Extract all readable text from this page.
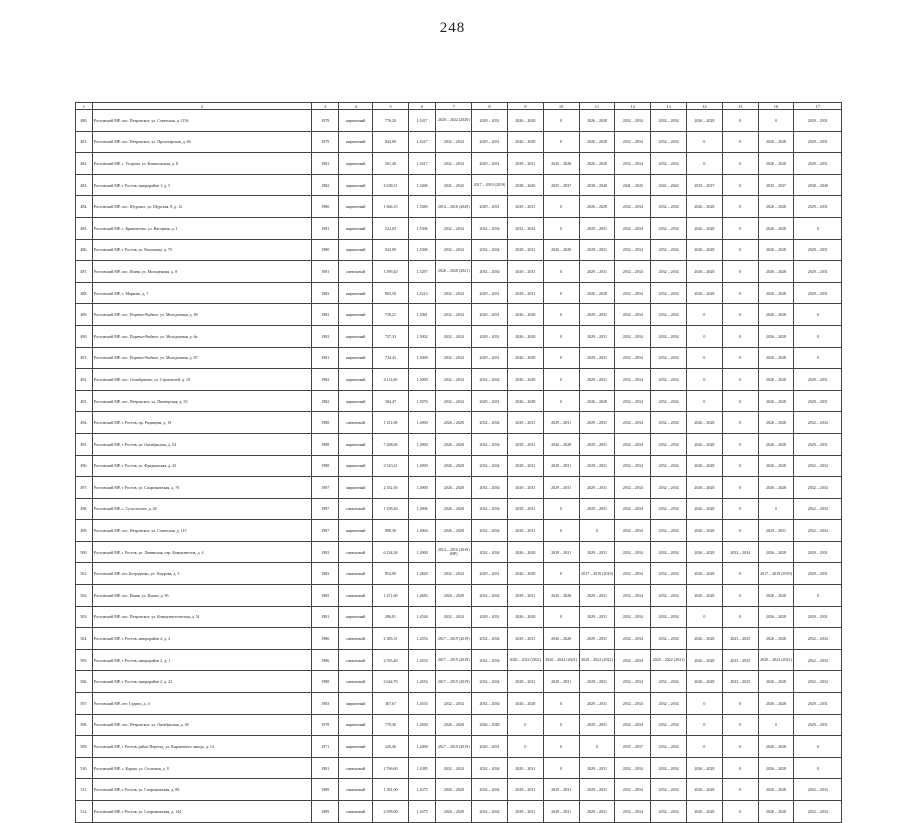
248
1	2	3	4	5	6	7	8	9	10	11	12	13	14	15	16	17
480.	Ростовский МР, пос. Петровское, ул. Советская, д. 115б	1979	кирпичный	776,20	1,5417	2020 – 2022 (2020)	2029 – 2031	2026 – 2028	0	2026 – 2028	2032 – 2034	2032 – 2034	2026 – 2028	0	0	2029 – 2031
481.	Ростовский МР, пос. Петровское, ул. Пролетарская, д. 60	1979	кирпичный	843,00	1,5417	2032 – 2034	2029 – 2031	2026 – 2028	0	2026 – 2028	2032 – 2034	2032 – 2034	0	0	2026 – 2028	2029 – 2031
482.	Ростовский МР, с. Угодичи, ул. Кошкальская, д. 8	1981	кирпичный	561,40	1,5417	2032 – 2034	2029 – 2031	2029 – 2031	2026 – 2028	2026 – 2028	2032 – 2034	2032 – 2034	0	0	2026 – 2028	2029 – 2031
483.	Ростовский МР, г. Ростов, микрорайон 1, д. 5	1982	кирпичный	4 638,51	1,5406	2041 – 2043	2017 – 2019 (2019)	2038 – 2040	2035 – 2037	2038 – 2040	2041 – 2043	2041 – 2043	2035 – 2037	0	2035 – 2037	2038 – 2040
484.	Ростовский МР, пос. Шурскол, ул. Шурская Л, д. 12	1980	кирпичный	1 666,10	1,5369	2014 – 2016 (2020)	2029 – 2031	2029 – 2031	0	2026 – 2028	2032 – 2034	2032 – 2034	2026 – 2028	0	2026 – 2028	2029 – 2031
485.	Ростовский МР, с. Кривонтово, ул. Нагорная, д. 1	1981	кирпичный	522,03	1,5306	2032 – 2034	2032 – 2034	2032 – 2034	0	2029 – 2031	2032 – 2034	2032 – 2034	2026 – 2028	0	2026 – 2028	0
486.	Ростовский МР, г. Ростов, ул. Васильева, д. 7б	1980	кирпичный	943,00	1,5306	2032 – 2034	2032 – 2034	2029 – 2031	2026 – 2028	2029 – 2031	2032 – 2034	2032 – 2034	2026 – 2028	0	2026 – 2028	2029 – 2031
487.	Ростовский МР, пос. Ишня, ул. Молодежная, д. 8	1981	панельный	3 399,20	1,5297	2026 – 2028 (2021)	2032 – 2034	2029 – 2031	0	2029 – 2031	2032 – 2034	2032 – 2034	2026 – 2028	0	2026 – 2028	2029 – 2031
488.	Ростовский МР, с. Марково, д. 7	1983	кирпичный	903,50	1,5213	2032 – 2034	2029 – 2031	2029 – 2031	0	2026 – 2028	2032 – 2034	2032 – 2034	2026 – 2028	0	2026 – 2028	2029 – 2031
489.	Ростовский МР, пос. Поречье-Рыбное, ул. Молодежная, д. 8б	1982	кирпичный	739,21	1,5061	2032 – 2034	2029 – 2031	2026 – 2028	0	2029 – 2031	2032 – 2034	2032 – 2034	0	0	2026 – 2028	0
490.	Ростовский МР, пос. Поречье-Рыбное, ул. Молодежная, д. 6а	1982	кирпичный	737,33	1,5002	2032 – 2034	2029 – 2031	2026 – 2028	0	2029 – 2031	2032 – 2034	2032 – 2034	0	0	2026 – 2028	0
491.	Ростовский МР, пос. Поречье-Рыбное, ул. Молодежная, д. 87	1981	кирпичный	734,41	1,5000	2032 – 2034	2029 – 2031	2026 – 2028	0	2029 – 2031	2032 – 2034	2032 – 2034	0	0	2026 – 2028	0
492.	Ростовский МР, пос. Семибратово, ул. Строителей, д. 19	1982	кирпичный	4 112,60	1,5000	2032 – 2034	2032 – 2034	2026 – 2028	0	2029 – 2031	2032 – 2034	2032 – 2034	0	0	2026 – 2028	2029 – 2031
493.	Ростовский МР, пос. Петровское, ул. Пионерская, д. 53	1982	кирпичный	394,47	1,5076	2032 – 2034	2029 – 2031	2026 – 2028	0	2026 – 2028	2032 – 2034	2032 – 2034	0	0	2026 – 2028	2029 – 2031
494.	Ростовский МР, г. Ростов, пр. Радищева, д. 19	1988	панельный	1 211,08	1,4900	2026 – 2028	2032 – 2034	2029 – 2031	2029 – 2031	2029 – 2031	2032 – 2034	2032 – 2034	2026 – 2028	0	2026 – 2028	2032 – 2034
495.	Ростовский МР, г. Ростов, ул. Октябрьская, д. 54	1988	кирпичный	7 268,06	1,4900	2026 – 2028	2032 – 2034	2029 – 2031	2026 – 2028	2029 – 2031	2032 – 2034	2032 – 2034	2026 – 2028	0	2026 – 2028	2029 – 2031
496.	Ростовский МР, г. Ростов, ул. Фрадковская, д. 43	1988	кирпичный	3 510,41	1,4900	2026 – 2028	2032 – 2034	2029 – 2031	2029 – 2031	2029 – 2031	2032 – 2034	2032 – 2034	2026 – 2028	0	2026 – 2028	2032 – 2034
497.	Ростовский МР, г. Ростов, ул. Спартаковская, д. 7б	1987	кирпичный	2 332,36	1,4900	2026 – 2028	2032 – 2034	2029 – 2031	2029 – 2031	2029 – 2031	2032 – 2034	2032 – 2034	2026 – 2028	0	2026 – 2028	2032 – 2034
498.	Ростовский МР, с. Сулостьское, д. 26	1987	панельный	1 258,46	1,4906	2026 – 2028	2032 – 2034	2029 – 2031	0	2029 – 2031	2032 – 2034	2032 – 2034	2026 – 2028	0	0	2032 – 2034
499.	Ростовский МР, пос. Петровское, ул. Советская, д. 115	1987	кирпичный	898,30	1,4904	2026 – 2028	2032 – 2034	2029 – 2031	0	0	2032 – 2034	2032 – 2034	2026 – 2028	0	2029 – 2031	2032 – 2034
500.	Ростовский МР, г. Ростов, ул. Ленинская, пер. Коммунистов, д. 4	1982	панельный	6 234,36	1,4900	2014 – 2016 (2016) (ВР)	2032 – 2034	2026 – 2028	2029 – 2031	2029 – 2031	2032 – 2034	2032 – 2034	2026 – 2028	2032 – 2034	2026 – 2028	2029 – 2031
501.	Ростовский МР, пгт. Безродново, ул. Хмурова, д. 3	1983	панельный	854,90	1,4820	2032 – 2034	2029 – 2031	2026 – 2028	0	2017 – 2019 (2019)	2032 – 2034	2032 – 2034	2026 – 2028	0	2017 – 2019 (2019)	2029 – 2031
502.	Ростовский МР, пос. Ишня, ул. Ильин, д. 9б	1985	панельный	1 471,60	1,4683	2026 – 2028	2032 – 2034	2029 – 2031	2026 – 2028	2029 – 2031	2032 – 2034	2032 – 2034	2026 – 2028	0	2026 – 2028	0
503.	Ростовский МР, пос. Петровское, ул. Коммунистическая, д. 51	1981	кирпичный	286,81	1,4526	2032 – 2034	2029 – 2031	2026 – 2028	0	2029 – 2031	2032 – 2034	2032 – 2034	0	0	2026 – 2028	2029 – 2031
504.	Ростовский МР, г. Ростов, микрорайон 2, д. 2	1986	панельный	2 385,31	1,4554	2017 – 2019 (2019)	2032 – 2034	2029 – 2031	2026 – 2028	2029 – 2031	2032 – 2034	2032 – 2034	2026 – 2028	2023 – 2025	2026 – 2028	2032 – 2034
505.	Ростовский МР, г. Ростов, микрорайон 2, д. 1	1986	панельный	2 933,40	1,4554	2017 – 2019 (2018)	2032 – 2034	2020 – 2022 (2021)	2020 – 2022 (2021)	2020 – 2022 (2021)	2032 – 2034	2020 – 2022 (2021)	2026 – 2028	2023 – 2025	2020 – 2022 (2021)	2032 – 2034
506.	Ростовский МР, г. Ростов, микрорайон 2, д. 22	1988	панельный	3 644,70	1,4554	2017 – 2019 (2019)	2032 – 2034	2029 – 2031	2029 – 2031	2029 – 2031	2032 – 2034	2032 – 2034	2026 – 2028	2023 – 2025	2026 – 2028	2032 – 2034
507.	Ростовский МР, пгт. Судино, д. 4	1983	кирпичный	367,67	1,4533	2032 – 2034	2032 – 2034	2026 – 2028	0	2029 – 2031	2032 – 2034	2032 – 2034	0	0	2026 – 2028	2029 – 2031
508.	Ростовский МР, пос. Петровское, ул. Октябрьская, д. 49	1978	кирпичный	770,40	1,4500	2026 – 2028	2026 – 2028	0	0	2029 – 2031	2032 – 2034	2032 – 2034	0	0	0	2029 – 2031
509.	Ростовский МР, г. Ростов, район Переезд, ул. Кирпичного завода, д. 14	1971	кирпичный	226,40	1,4400	2017 – 2019 (2019)	2029 – 2031	0	0	0	2035 – 2037	2032 – 2034	0	0	2026 – 2028	0
510.	Ростовский МР, с. Караш, ул. Сосновая, д. 8	1981	панельный	2 766,60	1,4385	2032 – 2034	2032 – 2034	2029 – 2031	0	2029 – 2031	2032 – 2034	2032 – 2034	2026 – 2028	0	2026 – 2028	0
511.	Ростовский МР, г. Ростов, ул. Спартаковская, д. 89	1989	панельный	1 381,00	1,4375	2026 – 2028	2032 – 2034	2029 – 2031	2029 – 2031	2029 – 2031	2032 – 2034	2032 – 2034	2026 – 2028	0	2026 – 2028	2032 – 2034
512.	Ростовский МР, г. Ростов, ул. Спартаковская, д. 144	1989	панельный	2 958,00	1,4375	2026 – 2028	2032 – 2034	2029 – 2031	2029 – 2031	2029 – 2031	2032 – 2034	2032 – 2034	2026 – 2028	0	2026 – 2028	2032 – 2034
